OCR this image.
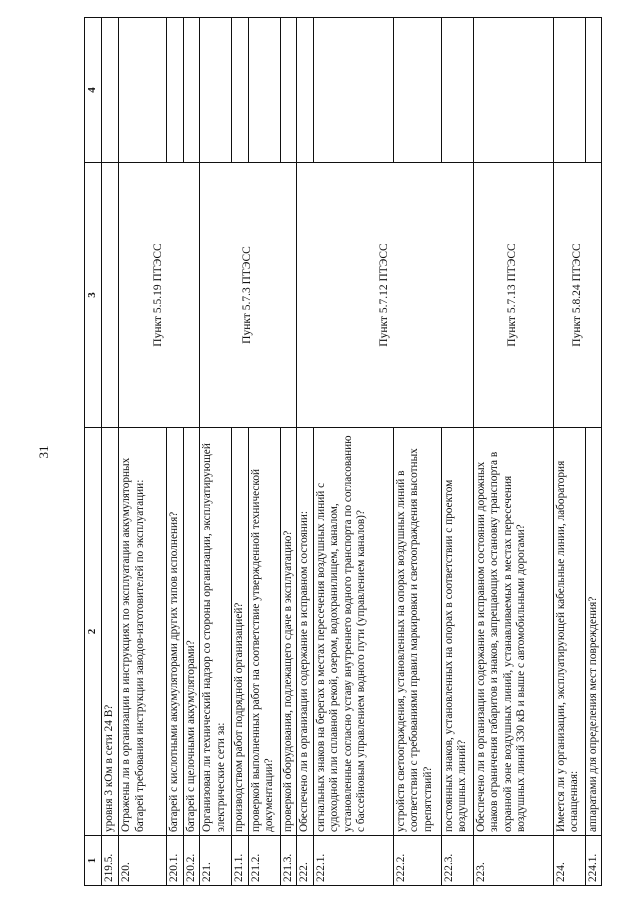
31
1	2	3	4
219.5.	уровня 3 кОм в сети 24 В?		
220.	Отражены ли в организации в инструкциях по эксплуатации аккумуляторных батарей требования инструкции заводов-изготовителей по эксплуатации:	Пункт 5.5.19 ПТЭСС	
220.1.	батарей с кислотными аккумуляторами других типов исполнения?		
220.2.	батарей с щелочными аккумуляторами?		
221.	Организован ли технический надзор со стороны организации, эксплуатирующей электрические сети за:	Пункт 5.7.3 ПТЭСС	
221.1.	производством работ подрядной организацией?		
221.2.	проверкой выполненных работ на соответствие утвержденной технической документации?		
221.3.	проверкой оборудования, подлежащего сдаче в эксплуатацию?		
222.	Обеспечено ли в организации содержание в исправном состоянии:	Пункт 5.7.12 ПТЭСС	
222.1.	сигнальных знаков на берегах в местах пересечения воздушных линий с судоходной или сплавной рекой, озером, водохранилищем, каналом, установленные согласно уставу внутреннего водного транспорта по согласованию с бассейновым управлением водного пути (управлением каналов)?		
222.2.	устройств светоограждения, установленных на опорах воздушных линий в соответствии с требованиями правил маркировки и светоограждения высотных препятствий?		
222.3.	постоянных знаков, установленных на опорах в соответствии с проектом воздушных линий?		
223.	Обеспечено ли в организации содержание в исправном состоянии дорожных знаков ограничения габаритов и знаков, запрещающих остановку транспорта в охранной зоне воздушных линий, устанавливаемых в местах пересечения воздушных линий 330 кВ и выше с автомобильными дорогами?	Пункт 5.7.13 ПТЭСС	
224.	Имеется ли у организации, эксплуатирующей кабельные линии, лаборатория оснащенная:	Пункт 5.8.24 ПТЭСС	
224.1.	аппаратами для определения мест повреждения?		
